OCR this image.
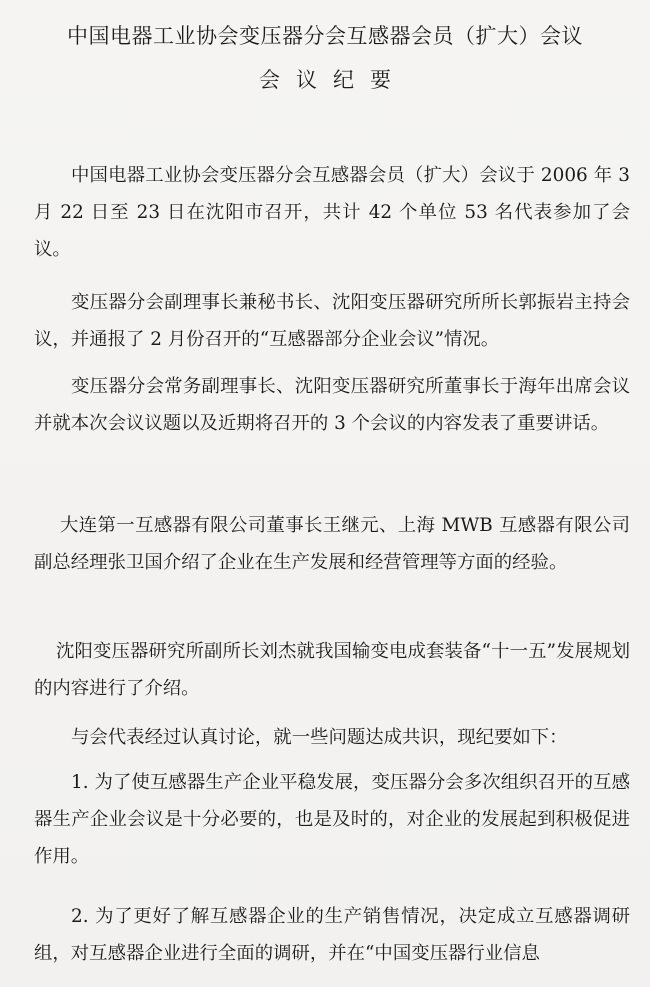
中国电器工业协会变压器分会互感器会员（扩大）会议
会议纪要
中国电器工业协会变压器分会互感器会员（扩大）会议于 2006 年 3 月 22 日至 23 日在沈阳市召开，共计 42 个单位 53 名代表参加了会议。
变压器分会副理事长兼秘书长、沈阳变压器研究所所长郭振岩主持会议，并通报了 2 月份召开的“互感器部分企业会议”情况。
变压器分会常务副理事长、沈阳变压器研究所董事长于海年出席会议并就本次会议议题以及近期将召开的 3 个会议的内容发表了重要讲话。
大连第一互感器有限公司董事长王继元、上海 MWB 互感器有限公司副总经理张卫国介绍了企业在生产发展和经营管理等方面的经验。
沈阳变压器研究所副所长刘杰就我国输变电成套装备“十一五”发展规划的内容进行了介绍。
与会代表经过认真讨论，就一些问题达成共识，现纪要如下：
1. 为了使互感器生产企业平稳发展，变压器分会多次组织召开的互感器生产企业会议是十分必要的，也是及时的，对企业的发展起到积极促进作用。
2. 为了更好了解互感器企业的生产销售情况，决定成立互感器调研组，对互感器企业进行全面的调研，并在“中国变压器行业信息
